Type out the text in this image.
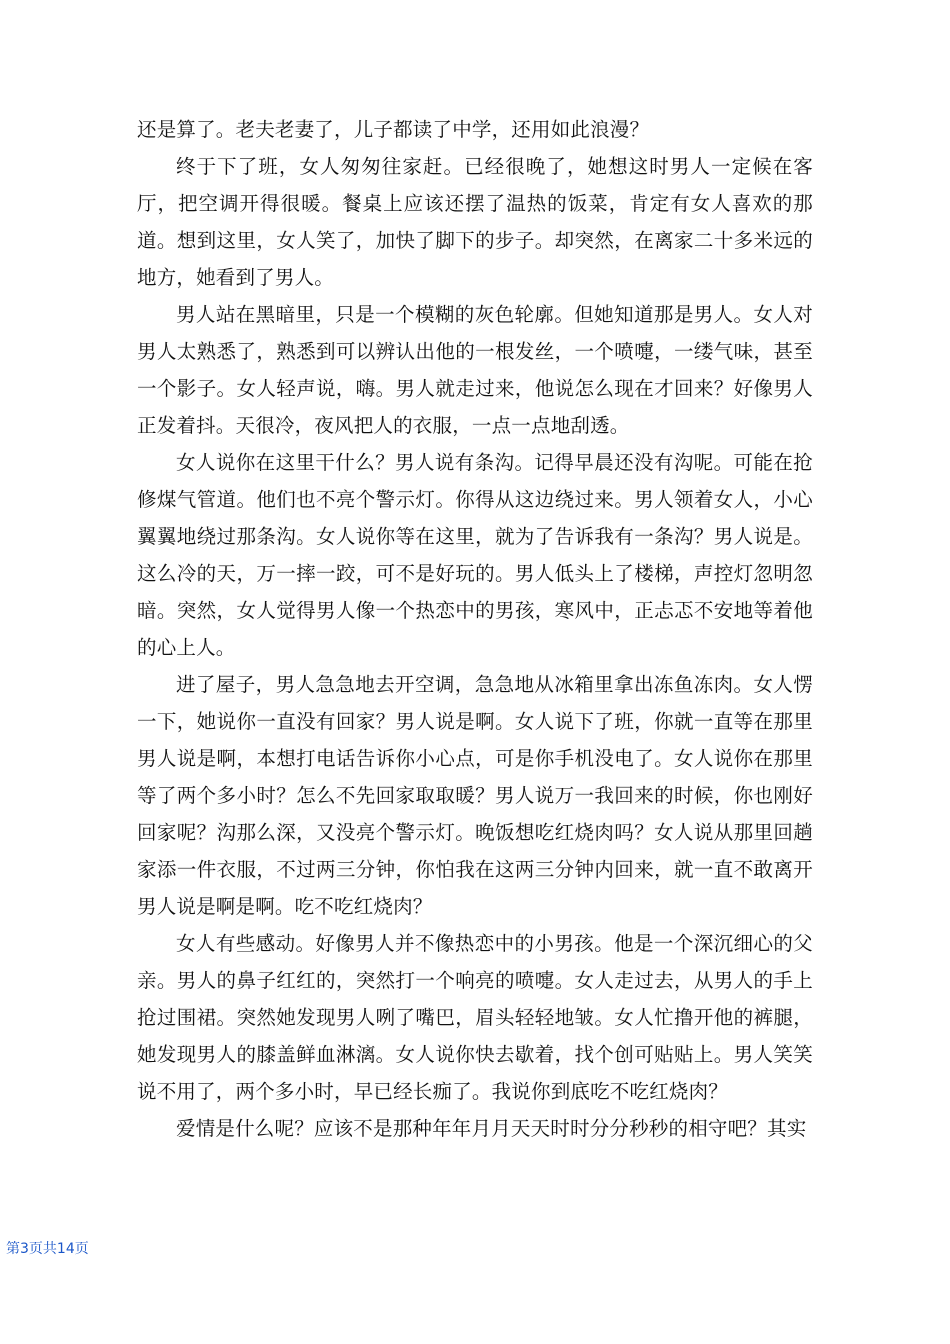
还是算了。老夫老妻了，儿子都读了中学，还用如此浪漫？

终于下了班，女人匆匆往家赶。已经很晚了，她想这时男人一定候在客厅，把空调开得很暖。餐桌上应该还摆了温热的饭菜，肯定有女人喜欢的那道。想到这里，女人笑了，加快了脚下的步子。却突然，在离家二十多米远的地方，她看到了男人。

男人站在黑暗里，只是一个模糊的灰色轮廓。但她知道那是男人。女人对男人太熟悉了，熟悉到可以辨认出他的一根发丝，一个喷嚏，一缕气味，甚至一个影子。女人轻声说，嗨。男人就走过来，他说怎么现在才回来？好像男人正发着抖。天很冷，夜风把人的衣服，一点一点地刮透。

女人说你在这里干什么？男人说有条沟。记得早晨还没有沟呢。可能在抢修煤气管道。他们也不亮个警示灯。你得从这边绕过来。男人领着女人，小心翼翼地绕过那条沟。女人说你等在这里，就为了告诉我有一条沟？男人说是。这么冷的天，万一摔一跤，可不是好玩的。男人低头上了楼梯，声控灯忽明忽暗。突然，女人觉得男人像一个热恋中的男孩，寒风中，正忐忑不安地等着他的心上人。

进了屋子，男人急急地去开空调，急急地从冰箱里拿出冻鱼冻肉。女人愣一下，她说你一直没有回家？男人说是啊。女人说下了班，你就一直等在那里男人说是啊，本想打电话告诉你小心点，可是你手机没电了。女人说你在那里等了两个多小时？怎么不先回家取取暖？男人说万一我回来的时候，你也刚好回家呢？沟那么深，又没亮个警示灯。晚饭想吃红烧肉吗？女人说从那里回趟家添一件衣服，不过两三分钟，你怕我在这两三分钟内回来，就一直不敢离开男人说是啊是啊。吃不吃红烧肉？

女人有些感动。好像男人并不像热恋中的小男孩。他是一个深沉细心的父亲。男人的鼻子红红的，突然打一个响亮的喷嚏。女人走过去，从男人的手上抢过围裙。突然她发现男人咧了嘴巴，眉头轻轻地皱。女人忙撸开他的裤腿，她发现男人的膝盖鲜血淋漓。女人说你快去歇着，找个创可贴贴上。男人笑笑说不用了，两个多小时，早已经长痂了。我说你到底吃不吃红烧肉？

爱情是什么呢？应该不是那种年年月月天天时时分分秒秒的相守吧？其实

第3页共14页
